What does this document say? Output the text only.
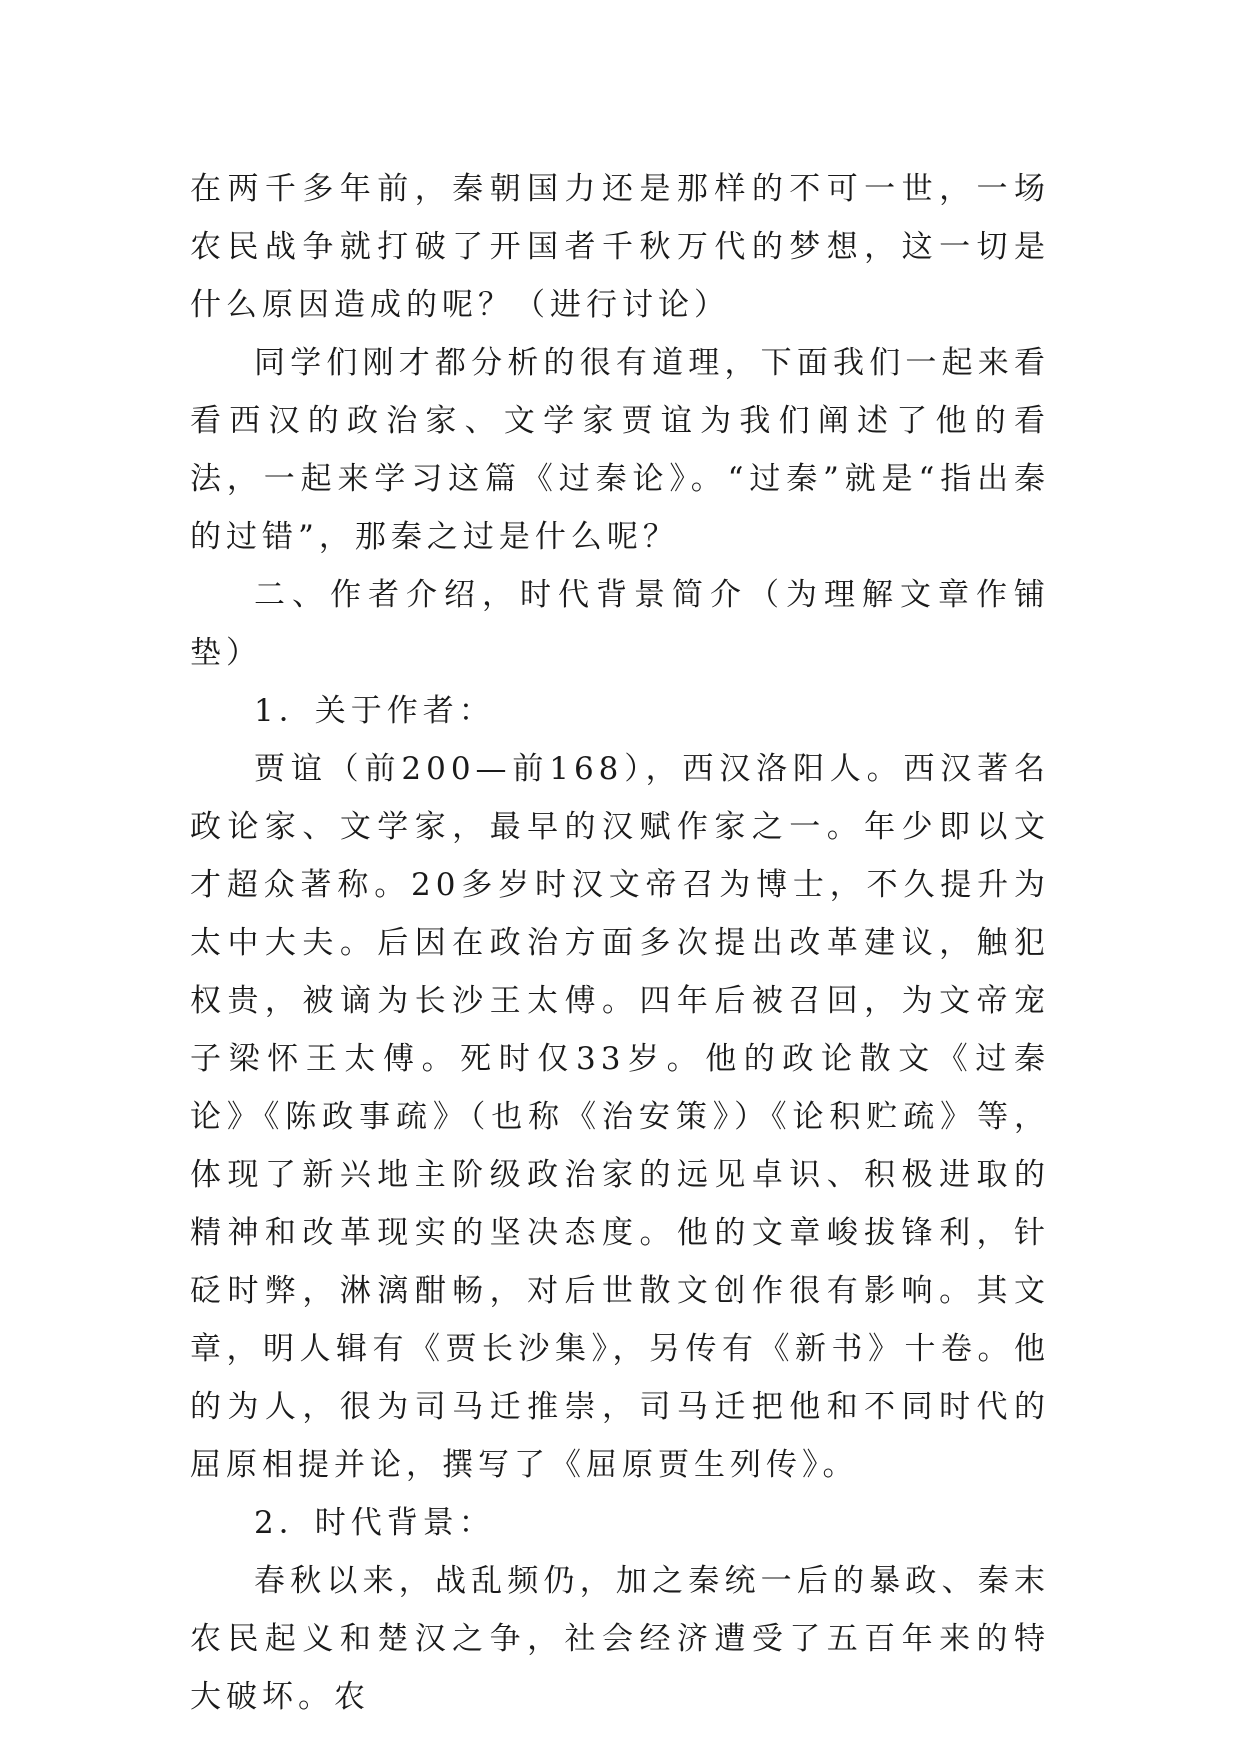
在两千多年前，秦朝国力还是那样的不可一世，一场农民战争就打破了开国者千秋万代的梦想，这一切是什么原因造成的呢？（进行讨论）

同学们刚才都分析的很有道理，下面我们一起来看看西汉的政治家、文学家贾谊为我们阐述了他的看法，一起来学习这篇《过秦论》。“过秦”就是“指出秦的过错”，那秦之过是什么呢？

二、作者介绍，时代背景简介（为理解文章作铺垫）

1．关于作者：

贾谊（前200—前168），西汉洛阳人。西汉著名政论家、文学家，最早的汉赋作家之一。年少即以文才超众著称。20多岁时汉文帝召为博士，不久提升为太中大夫。后因在政治方面多次提出改革建议，触犯权贵，被谪为长沙王太傅。四年后被召回，为文帝宠子梁怀王太傅。死时仅33岁。他的政论散文《过秦论》《陈政事疏》（也称《治安策》）《论积贮疏》等，体现了新兴地主阶级政治家的远见卓识、积极进取的精神和改革现实的坚决态度。他的文章峻拔锋利，针砭时弊，淋漓酣畅，对后世散文创作很有影响。其文章，明人辑有《贾长沙集》，另传有《新书》十卷。他的为人，很为司马迁推崇，司马迁把他和不同时代的屈原相提并论，撰写了《屈原贾生列传》。

2．时代背景：

春秋以来，战乱频仍，加之秦统一后的暴政、秦末农民起义和楚汉之争，社会经济遭受了五百年来的特大破坏。农
